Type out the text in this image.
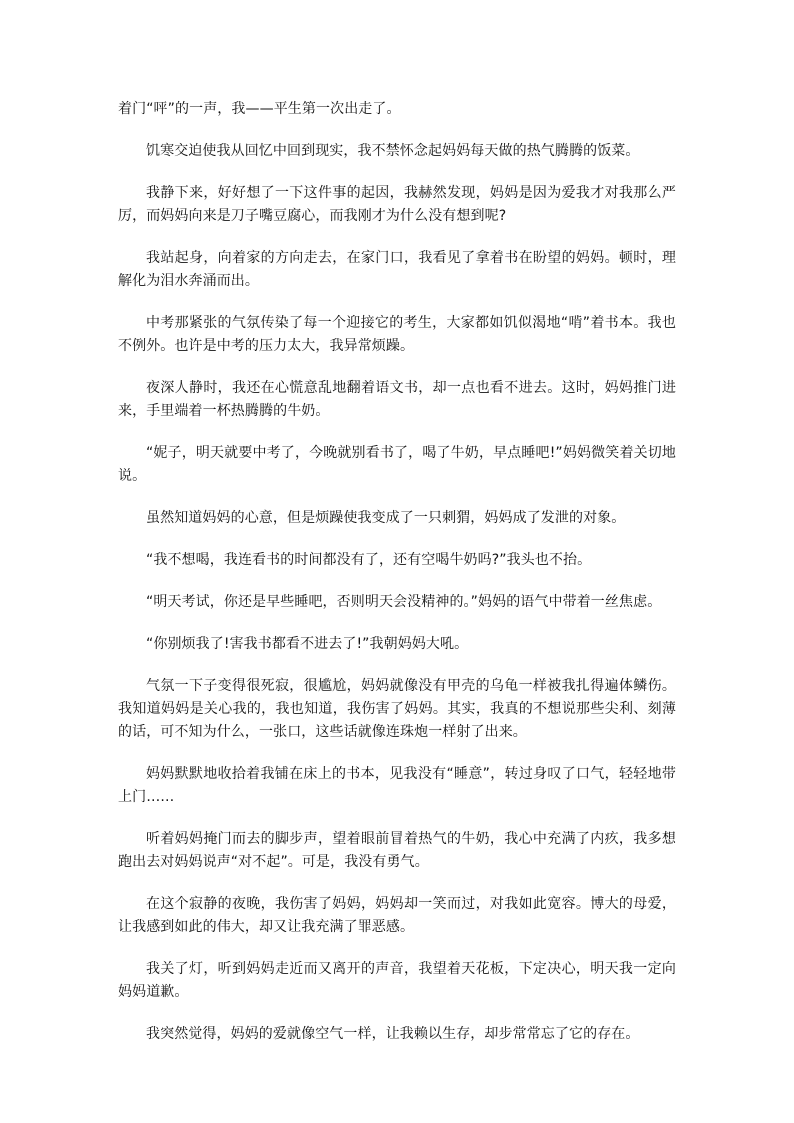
着门“呯”的一声，我——平生第一次出走了。

饥寒交迫使我从回忆中回到现实，我不禁怀念起妈妈每天做的热气腾腾的饭菜。

我静下来，好好想了一下这件事的起因，我赫然发现，妈妈是因为爱我才对我那么严厉，而妈妈向来是刀子嘴豆腐心，而我刚才为什么没有想到呢?

我站起身，向着家的方向走去，在家门口，我看见了拿着书在盼望的妈妈。顿时，理解化为泪水奔涌而出。

中考那紧张的气氛传染了每一个迎接它的考生，大家都如饥似渴地“啃”着书本。我也不例外。也许是中考的压力太大，我异常烦躁。

夜深人静时，我还在心慌意乱地翻着语文书，却一点也看不进去。这时，妈妈推门进来，手里端着一杯热腾腾的牛奶。

“妮子，明天就要中考了，今晚就别看书了，喝了牛奶，早点睡吧!”妈妈微笑着关切地说。

虽然知道妈妈的心意，但是烦躁使我变成了一只刺猬，妈妈成了发泄的对象。

“我不想喝，我连看书的时间都没有了，还有空喝牛奶吗?”我头也不抬。

“明天考试，你还是早些睡吧，否则明天会没精神的。”妈妈的语气中带着一丝焦虑。

“你别烦我了!害我书都看不进去了!”我朝妈妈大吼。

气氛一下子变得很死寂，很尴尬，妈妈就像没有甲壳的乌龟一样被我扎得遍体鳞伤。我知道妈妈是关心我的，我也知道，我伤害了妈妈。其实，我真的不想说那些尖利、刻薄的话，可不知为什么，一张口，这些话就像连珠炮一样射了出来。

妈妈默默地收拾着我铺在床上的书本，见我没有“睡意”，转过身叹了口气，轻轻地带上门……

听着妈妈掩门而去的脚步声，望着眼前冒着热气的牛奶，我心中充满了内疚，我多想跑出去对妈妈说声“对不起”。可是，我没有勇气。

在这个寂静的夜晚，我伤害了妈妈，妈妈却一笑而过，对我如此宽容。博大的母爱，让我感到如此的伟大，却又让我充满了罪恶感。

我关了灯，听到妈妈走近而又离开的声音，我望着天花板，下定决心，明天我一定向妈妈道歉。

我突然觉得，妈妈的爱就像空气一样，让我赖以生存，却步常常忘了它的存在。
